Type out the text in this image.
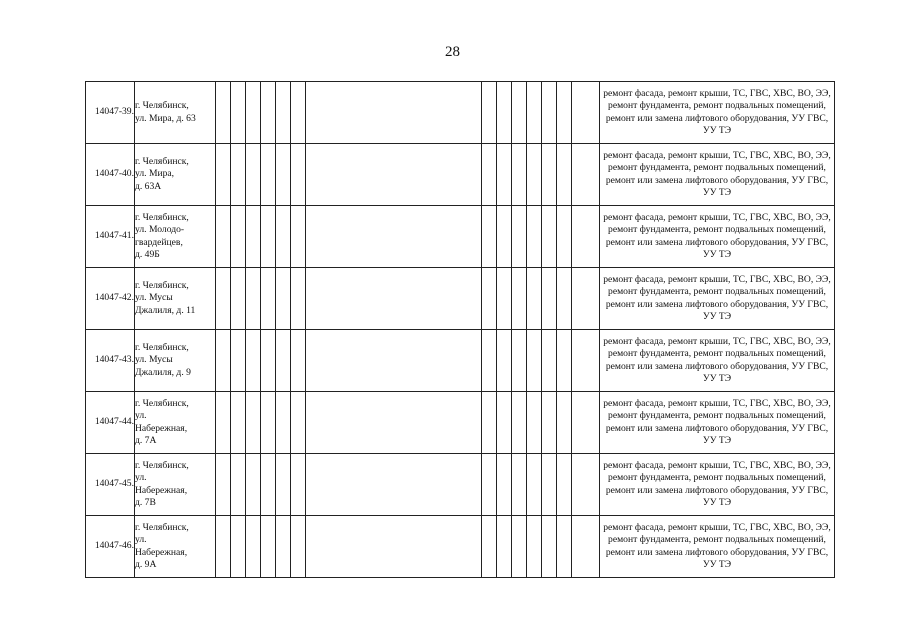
28
14047-39.	г. Челябинск,
ул. Мира, д. 63															ремонт фасада, ремонт крыши, ТС, ГВС, ХВС, ВО, ЭЭ, ремонт фундамента, ремонт подвальных помещений, ремонт или замена лифтового оборудования, УУ ГВС, УУ ТЭ
14047-40.	г. Челябинск,
ул. Мира,
д. 63А															ремонт фасада, ремонт крыши, ТС, ГВС, ХВС, ВО, ЭЭ, ремонт фундамента, ремонт подвальных помещений, ремонт или замена лифтового оборудования, УУ ГВС, УУ ТЭ
14047-41.	г. Челябинск,
ул. Молодо-
гвардейцев,
д. 49Б															ремонт фасада, ремонт крыши, ТС, ГВС, ХВС, ВО, ЭЭ, ремонт фундамента, ремонт подвальных помещений, ремонт или замена лифтового оборудования, УУ ГВС, УУ ТЭ
14047-42.	г. Челябинск,
ул. Мусы
Джалиля, д. 11															ремонт фасада, ремонт крыши, ТС, ГВС, ХВС, ВО, ЭЭ, ремонт фундамента, ремонт подвальных помещений, ремонт или замена лифтового оборудования, УУ ГВС, УУ ТЭ
14047-43.	г. Челябинск,
ул. Мусы
Джалиля, д. 9															ремонт фасада, ремонт крыши, ТС, ГВС, ХВС, ВО, ЭЭ, ремонт фундамента, ремонт подвальных помещений, ремонт или замена лифтового оборудования, УУ ГВС, УУ ТЭ
14047-44.	г. Челябинск,
ул.
Набережная,
д. 7А															ремонт фасада, ремонт крыши, ТС, ГВС, ХВС, ВО, ЭЭ, ремонт фундамента, ремонт подвальных помещений, ремонт или замена лифтового оборудования, УУ ГВС, УУ ТЭ
14047-45.	г. Челябинск,
ул.
Набережная,
д. 7В															ремонт фасада, ремонт крыши, ТС, ГВС, ХВС, ВО, ЭЭ, ремонт фундамента, ремонт подвальных помещений, ремонт или замена лифтового оборудования, УУ ГВС, УУ ТЭ
14047-46.	г. Челябинск,
ул.
Набережная,
д. 9А															ремонт фасада, ремонт крыши, ТС, ГВС, ХВС, ВО, ЭЭ, ремонт фундамента, ремонт подвальных помещений, ремонт или замена лифтового оборудования, УУ ГВС, УУ ТЭ
